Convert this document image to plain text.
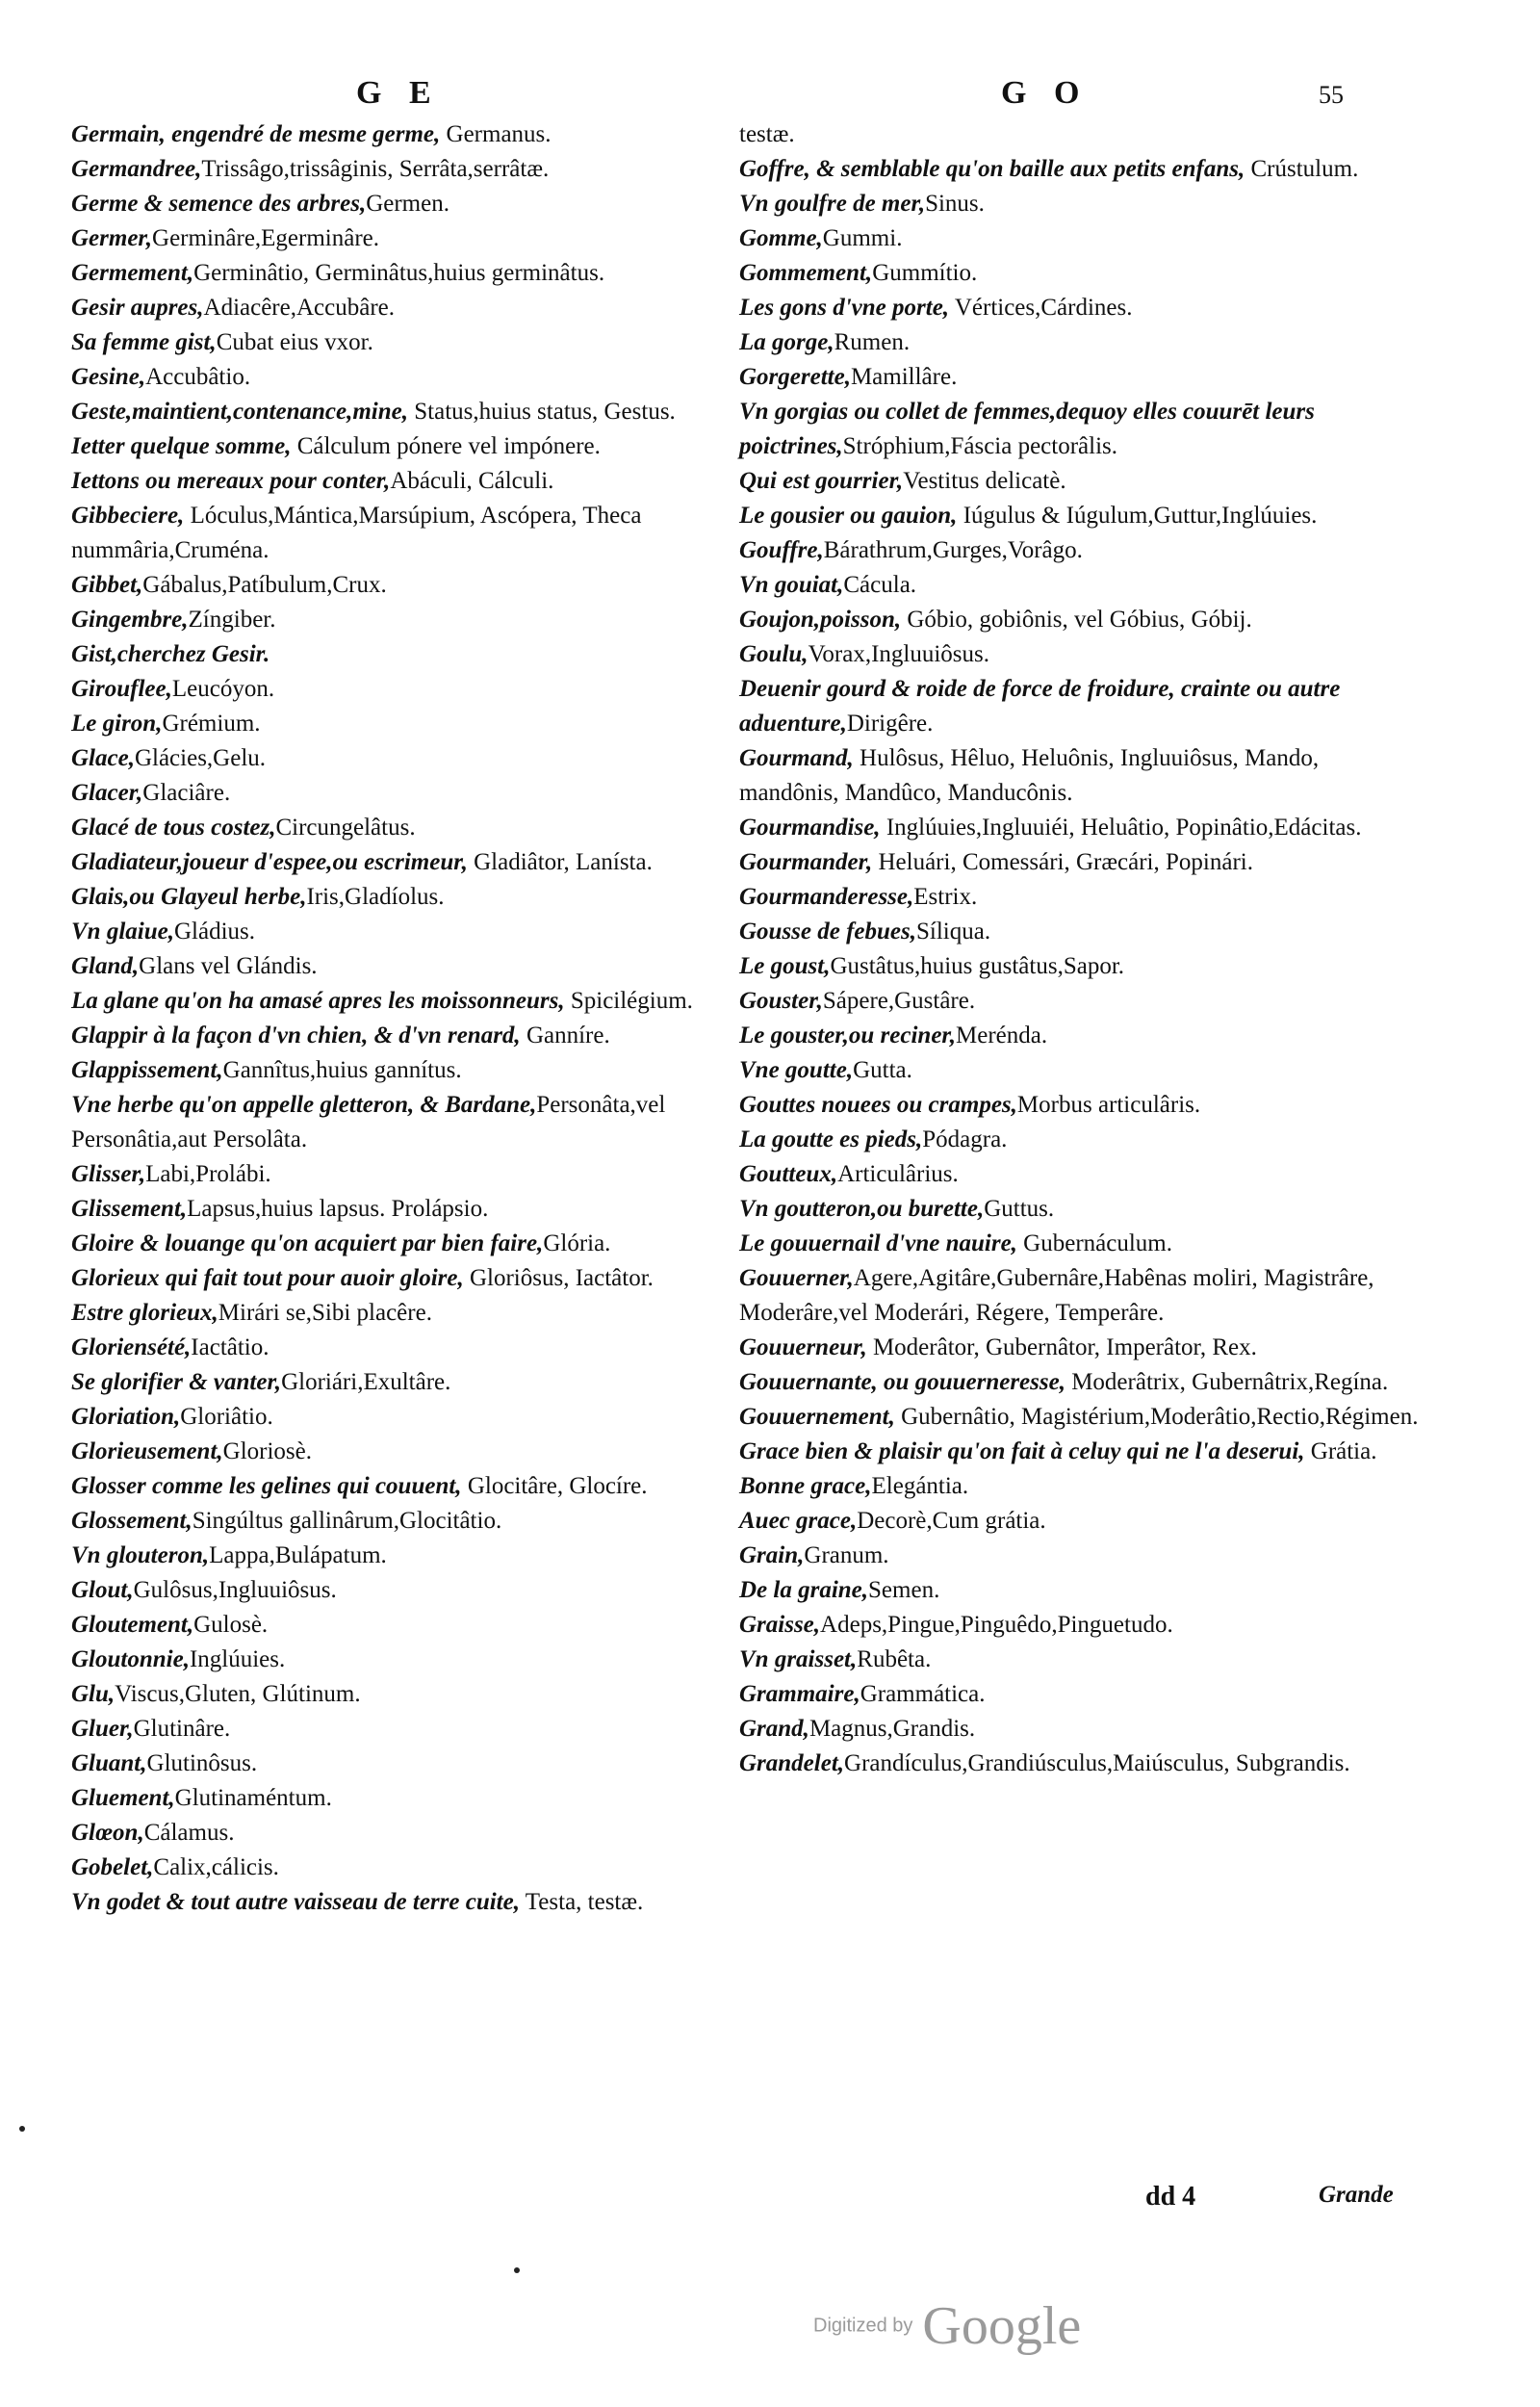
G E	G O	55

Germain, engendré de mesme germe, Germanus.

Germandree,Trissâgo,trissâginis, Serrâta,serrâtæ.

Germe & semence des arbres,Germen.

Germer,Germinâre,Egerminâre.

Germement,Germinâtio, Germinâtus,huius germinâtus.

Gesir aupres,Adiacêre,Accubâre.

Sa femme gist,Cubat eius vxor.

Gesine,Accubâtio.

Geste,maintient,contenance,mine, Status,huius status, Gestus.

Ietter quelque somme, Cálculum pónere vel impónere.

Iettons ou mereaux pour conter,Abáculi, Cálculi.

Gibbeciere, Lóculus,Mántica,Marsúpium, Ascópera, Theca nummâria,Cruména.

Gibbet,Gábalus,Patíbulum,Crux.

Gingembre,Zíngiber.

Gist,cherchez Gesir.

Girouflee,Leucóyon.

Le giron,Grémium.

Glace,Glácies,Gelu.

Glacer,Glaciâre.

Glacé de tous costez,Circungelâtus.

Gladiateur,joueur d'espee,ou escrimeur, Gladiâtor, Lanísta.

Glais,ou Glayeul herbe,Iris,Gladíolus.

Vn glaiue,Gládius.

Gland,Glans vel Glándis.

La glane qu'on ha amasé apres les moissonneurs, Spicilégium.

Glappir à la façon d'vn chien, & d'vn renard, Ganníre.

Glappissement,Gannîtus,huius gannítus.

Vne herbe qu'on appelle gletteron, & Bardane,Personâta,vel Personâtia,aut Persolâta.

Glisser,Labi,Prolábi.

Glissement,Lapsus,huius lapsus. Prolápsio.

Gloire & louange qu'on acquiert par bien faire,Glória.

Glorieux qui fait tout pour auoir gloire, Gloriôsus, Iactâtor.

Estre glorieux,Mirári se,Sibi placêre.

Gloriensété,Iactâtio.

Se glorifier & vanter,Gloriári,Exultâre.

Gloriation,Gloriâtio.

Glorieusement,Gloriosè.

Glosser comme les gelines qui couuent, Glocitâre, Glocíre.

Glossement,Singúltus gallinârum,Glocitâtio.

Vn glouteron,Lappa,Bulápatum.

Glout,Gulôsus,Ingluuiôsus.

Gloutement,Gulosè.

Gloutonnie,Inglúuies.

Glu,Viscus,Gluten, Glútinum.

Gluer,Glutinâre.

Gluant,Glutinôsus.

Gluement,Glutinaméntum.

Glœon,Cálamus.

Gobelet,Calix,cálicis.

Vn godet & tout autre vaisseau de terre cuite, Testa, testæ.

testæ.

Goffre, & semblable qu'on baille aux petits enfans, Crústulum.

Vn goulfre de mer,Sinus.

Gomme,Gummi.

Gommement,Gummítio.

Les gons d'vne porte, Vértices,Cárdines.

La gorge,Rumen.

Gorgerette,Mamillâre.

Vn gorgias ou collet de femmes,dequoy elles couurēt leurs poictrines,Stróphium,Fáscia pectorâlis.

Qui est gourrier,Vestitus delicatè.

Le gousier ou gauion, Iúgulus & Iúgulum,Guttur,Inglúuies.

Gouffre,Bárathrum,Gurges,Vorâgo.

Vn gouiat,Cácula.

Goujon,poisson, Góbio, gobiônis, vel Góbius, Góbij.

Goulu,Vorax,Ingluuiôsus.

Deuenir gourd & roide de force de froidure, crainte ou autre aduenture,Dirigêre.

Gourmand, Hulôsus, Hêluo, Heluônis, Ingluuiôsus, Mando, mandônis, Mandûco, Manducônis.

Gourmandise, Inglúuies,Ingluuiéi, Heluâtio, Popinâtio,Edácitas.

Gourmander, Heluári, Comessári, Græcári, Popinári.

Gourmanderesse,Estrix.

Gousse de febues,Síliqua.

Le goust,Gustâtus,huius gustâtus,Sapor.

Gouster,Sápere,Gustâre.

Le gouster,ou reciner,Meréndа.

Vne goutte,Gutta.

Gouttes nouees ou crampes,Morbus articulâris.

La goutte es pieds,Pódagra.

Goutteux,Articulârius.

Vn goutteron,ou burette,Guttus.

Le gouuernail d'vne nauire, Gubernáculum.

Gouuerner,Agere,Agitâre,Gubernâre,Habênas moliri, Magistrâre, Moderâre,vel Moderári, Régere, Temperâre.

Gouuerneur, Moderâtor, Gubernâtor, Imperâtor, Rex.

Gouuernante, ou gouuerneresse, Moderâtrix, Gubernâtrix,Regína.

Gouuernement, Gubernâtio, Magistérium,Moderâtio,Rectio,Régimen.

Grace bien & plaisir qu'on fait à celuy qui ne l'a deserui, Grátia.

Bonne grace,Elegántia.

Auec grace,Decorè,Cum grátia.

Grain,Granum.

De la graine,Semen.

Graisse,Adeps,Pingue,Pinguêdo,Pinguetudo.

Vn graisset,Rubêta.

Grammaire,Grammática.

Grand,Magnus,Grandis.

Grandelet,Grandículus,Grandiúsculus,Maiúsculus, Subgrandis.

dd 4	Grande
Digitized by Google
